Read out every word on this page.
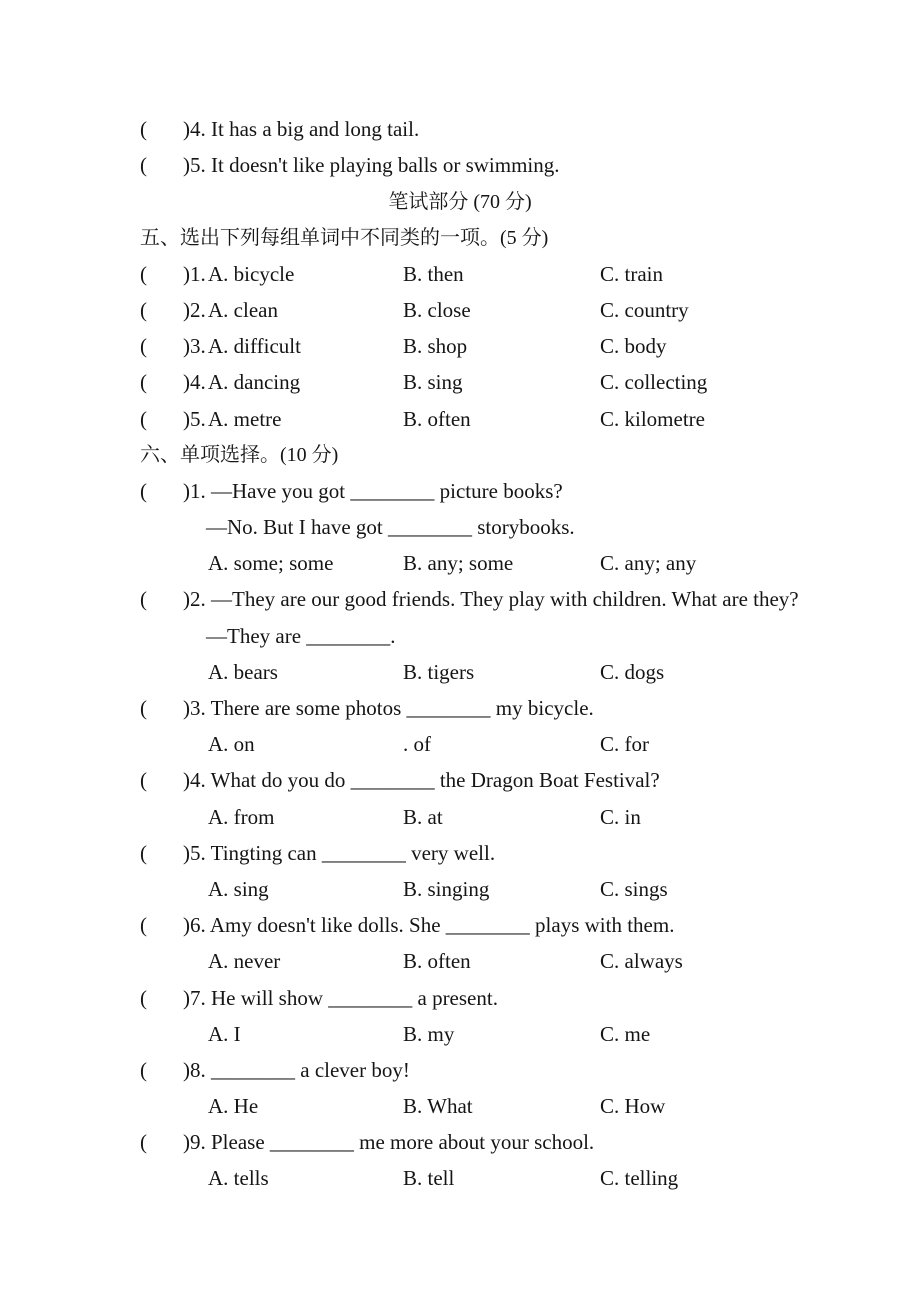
( )4. It has a big and long tail.
( )5. It doesn't like playing balls or swimming.
笔试部分 (70 分)
五、选出下列每组单词中不同类的一项。(5 分)
( )1. A. bicycle	B. then	C. train
( )2. A. clean	B. close	C. country
( )3. A. difficult	B. shop	C. body
( )4. A. dancing	B. sing	C. collecting
( )5. A. metre	B. often	C. kilometre
六、单项选择。(10 分)
( )1. —Have you got ________ picture books?
—No. But I have got ________ storybooks.
A. some; some	B. any; some	C. any; any
( )2. —They are our good friends. They play with children. What are they?
—They are ________.
A. bears	B. tigers	C. dogs
( )3. There are some photos ________ my bicycle.
A. on	. of	C. for
( )4. What do you do ________ the Dragon Boat Festival?
A. from	B. at	C. in
( )5. Tingting can ________ very well.
A. sing	B. singing	C. sings
( )6. Amy doesn't like dolls. She ________ plays with them.
A. never	B. often	C. always
( )7. He will show ________ a present.
A. I	B. my	C. me
( )8. ________ a clever boy!
A. He	B. What	C. How
( )9. Please ________ me more about your school.
A. tells	B. tell	C. telling
